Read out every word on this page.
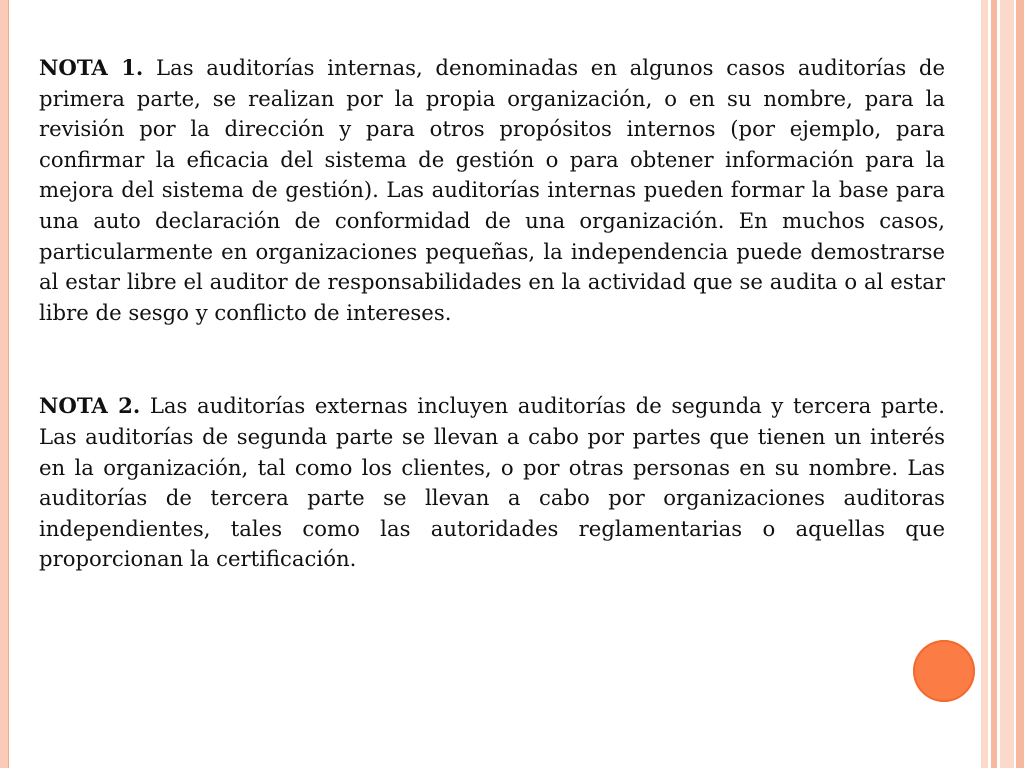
NOTA 1. Las auditorías internas, denominadas en algunos casos auditorías de primera parte, se realizan por la propia organización, o en su nombre, para la revisión por la dirección y para otros propósitos internos (por ejemplo, para confirmar la eficacia del sistema de gestión o para obtener información para la mejora del sistema de gestión). Las auditorías internas pueden formar la base para una auto declaración de conformidad de una organización. En muchos casos, particularmente en organizaciones pequeñas, la independencia puede demostrarse al estar libre el auditor de responsabilidades en la actividad que se audita o al estar libre de sesgo y conflicto de intereses.

NOTA 2. Las auditorías externas incluyen auditorías de segunda y tercera parte. Las auditorías de segunda parte se llevan a cabo por partes que tienen un interés en la organización, tal como los clientes, o por otras personas en su nombre. Las auditorías de tercera parte se llevan a cabo por organizaciones auditoras independientes, tales como las autoridades reglamentarias o aquellas que proporcionan la certificación.
